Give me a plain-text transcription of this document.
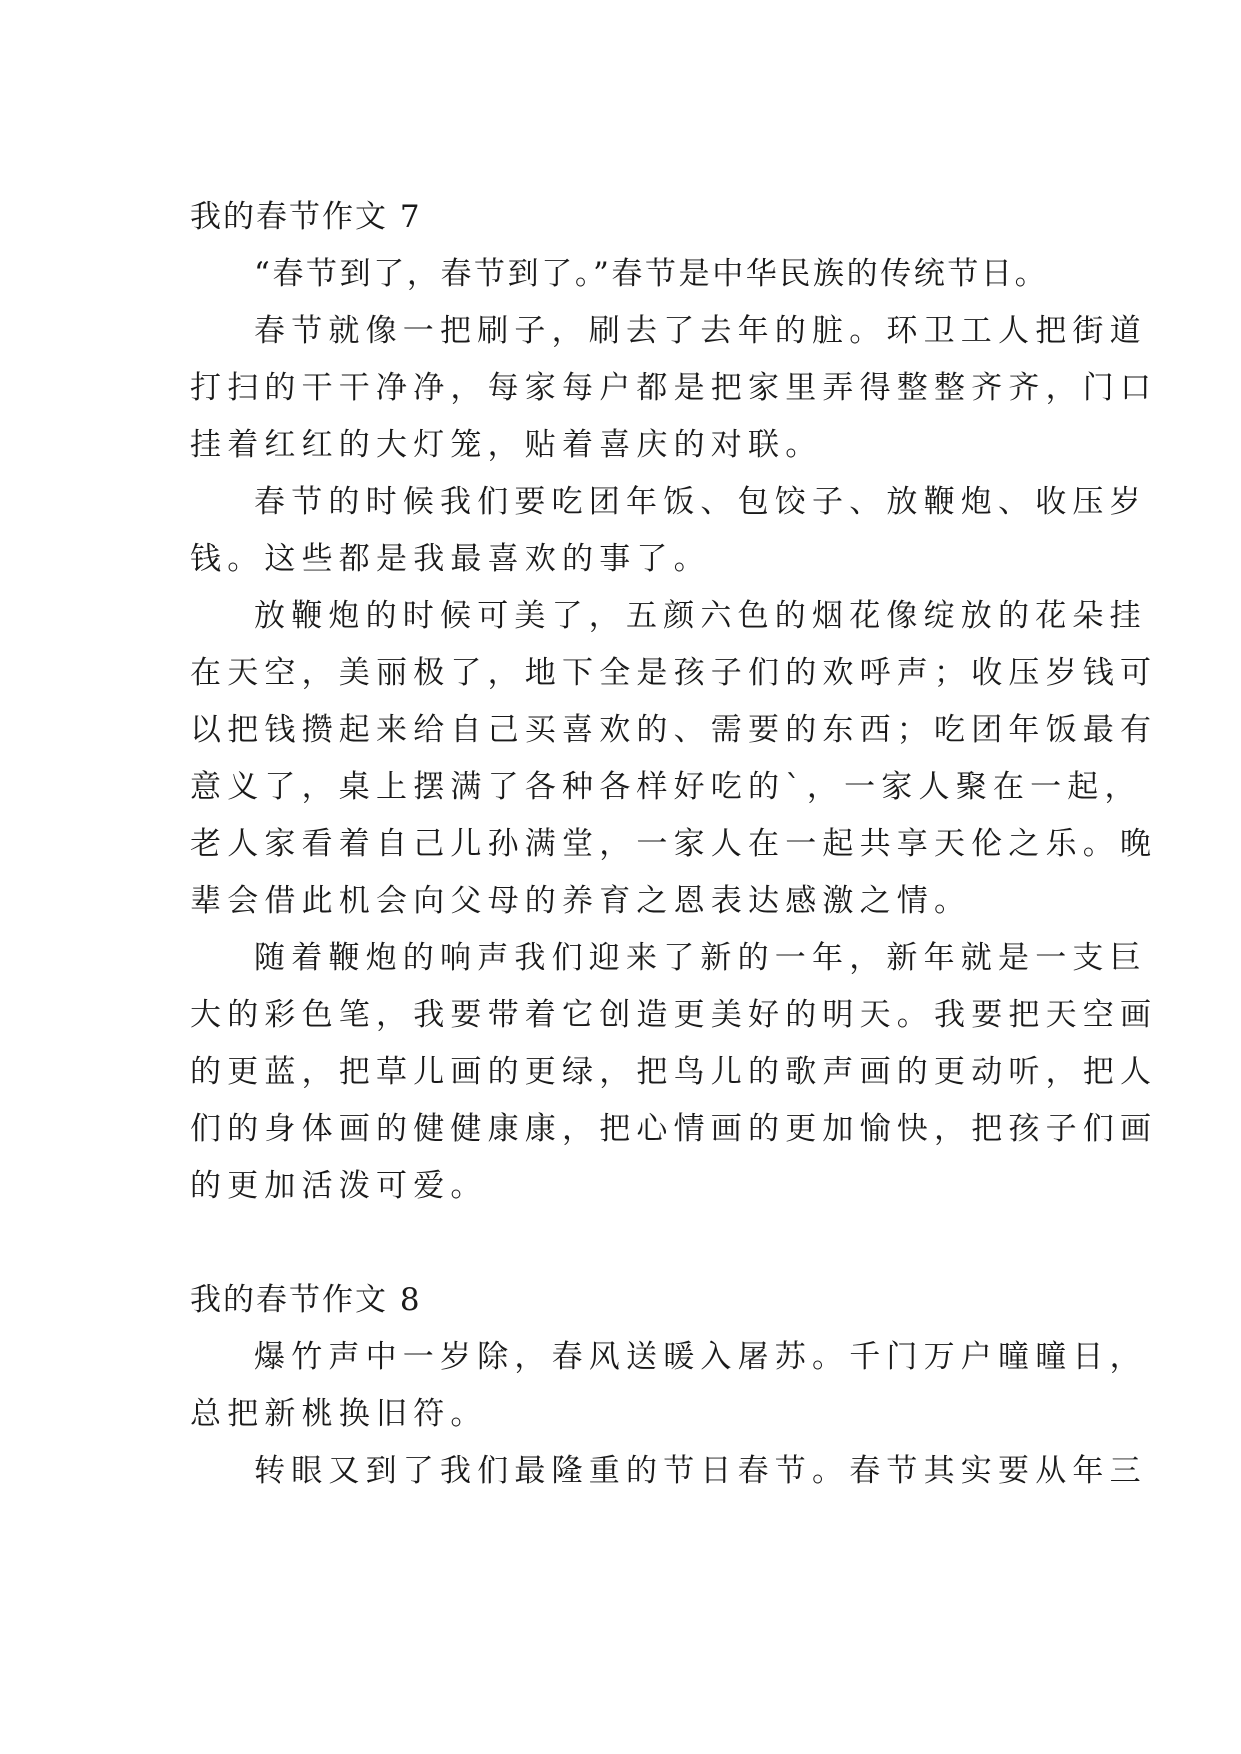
我的春节作文 7
“春节到了，春节到了。”春节是中华民族的传统节日。
春节就像一把刷子，刷去了去年的脏。环卫工人把街道
打扫的干干净净，每家每户都是把家里弄得整整齐齐，门口
挂着红红的大灯笼，贴着喜庆的对联。
春节的时候我们要吃团年饭、包饺子、放鞭炮、收压岁
钱。这些都是我最喜欢的事了。
放鞭炮的时候可美了，五颜六色的烟花像绽放的花朵挂
在天空，美丽极了，地下全是孩子们的欢呼声；收压岁钱可
以把钱攒起来给自己买喜欢的、需要的东西；吃团年饭最有
意义了，桌上摆满了各种各样好吃的`，一家人聚在一起，
老人家看着自己儿孙满堂，一家人在一起共享天伦之乐。晚
辈会借此机会向父母的养育之恩表达感激之情。
随着鞭炮的响声我们迎来了新的一年，新年就是一支巨
大的彩色笔，我要带着它创造更美好的明天。我要把天空画
的更蓝，把草儿画的更绿，把鸟儿的歌声画的更动听，把人
们的身体画的健健康康，把心情画的更加愉快，把孩子们画
的更加活泼可爱。
我的春节作文 8
爆竹声中一岁除，春风送暖入屠苏。千门万户曈曈日，
总把新桃换旧符。
转眼又到了我们最隆重的节日春节。春节其实要从年三
